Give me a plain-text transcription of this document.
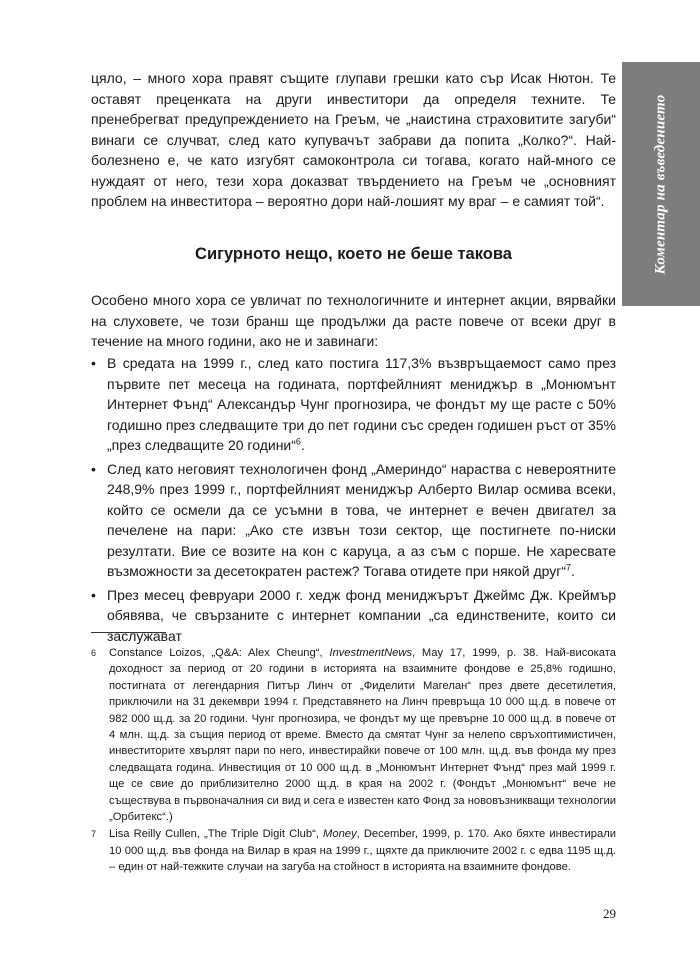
Коментар на въведението

цяло, – много хора правят същите глупави грешки като сър Исак Нютон. Те оставят преценката на други инвеститори да определя техните. Те пренебрегват предупреждението на Греъм, че „наистина страховитите загуби“ винаги се случват, след като купувачът забрави да попита „Колко?“. Най-болезнено е, че като изгубят самоконтрола си тогава, когато най-много се нуждаят от него, тези хора доказват твърдението на Греъм че „основният проблем на инвеститора – вероятно дори най-лошият му враг – е самият той“.

Сигурното нещо, което не беше такова

Особено много хора се увличат по технологичните и интернет акции, вярвайки на слуховете, че този бранш ще продължи да расте повече от всеки друг в течение на много години, ако не и завинаги:

• В средата на 1999 г., след като постига 117,3% възвръщаемост само през първите пет месеца на годината, портфейлният мениджър в „Монюмънт Интернет Фънд“ Александър Чунг прогнозира, че фондът му ще расте с 50% годишно през следващите три до пет години със среден годишен ръст от 35% „през следващите 20 години“$^6$.
• След като неговият технологичен фонд „Америндо“ нараства с невероятните 248,9% през 1999 г., портфейлният мениджър Алберто Вилар осмива всеки, който се осмели да се усъмни в това, че интернет е вечен двигател за печелене на пари: „Ако сте извън този сектор, ще постигнете по-ниски резултати. Вие се возите на кон с каруца, а аз съм с порше. Не харесвате възможности за десетократен растеж? Тогава отидете при някой друг“$^7$.
• През месец февруари 2000 г. хедж фонд мениджърът Джеймс Дж. Креймър обявява, че свързаните с интернет компании „са единствените, които си заслужават
6 Constance Loizos, „Q&A: Alex Cheung“, InvestmentNews, May 17, 1999, p. 38. Най-високата доходност за период от 20 години в историята на взаимните фондове е 25,8% годишно, постигната от легендарния Питър Линч от „Фиделити Магелан“ през двете десетилетия, приключили на 31 декември 1994 г. Представянето на Линч превръща 10 000 щ.д. в повече от 982 000 щ.д. за 20 години. Чунг прогнозира, че фондът му ще превърне 10 000 щ.д. в повече от 4 млн. щ.д. за същия период от време. Вместо да смятат Чунг за нелепо свръхоптимистичен, инвеститорите хвърлят пари по него, инвестирайки повече от 100 млн. щ.д. във фонда му през следващата година. Инвестиция от 10 000 щ.д. в „Монюмънт Интернет Фънд“ през май 1999 г. ще се свие до приблизително 2000 щ.д. в края на 2002 г. (Фондът „Монюмънт“ вече не съществува в първоначалния си вид и сега е известен като Фонд за нововъзникващи технологии „Орбитекс“.)
7 Lisa Reilly Cullen, „The Triple Digit Club“, Money, December, 1999, p. 170. Ако бяхте инвестирали 10 000 щ.д. във фонда на Вилар в края на 1999 г., щяхте да приключите 2002 г. с едва 1195 щ.д. – един от най-тежките случаи на загуба на стойност в историята на взаимните фондове.
29
